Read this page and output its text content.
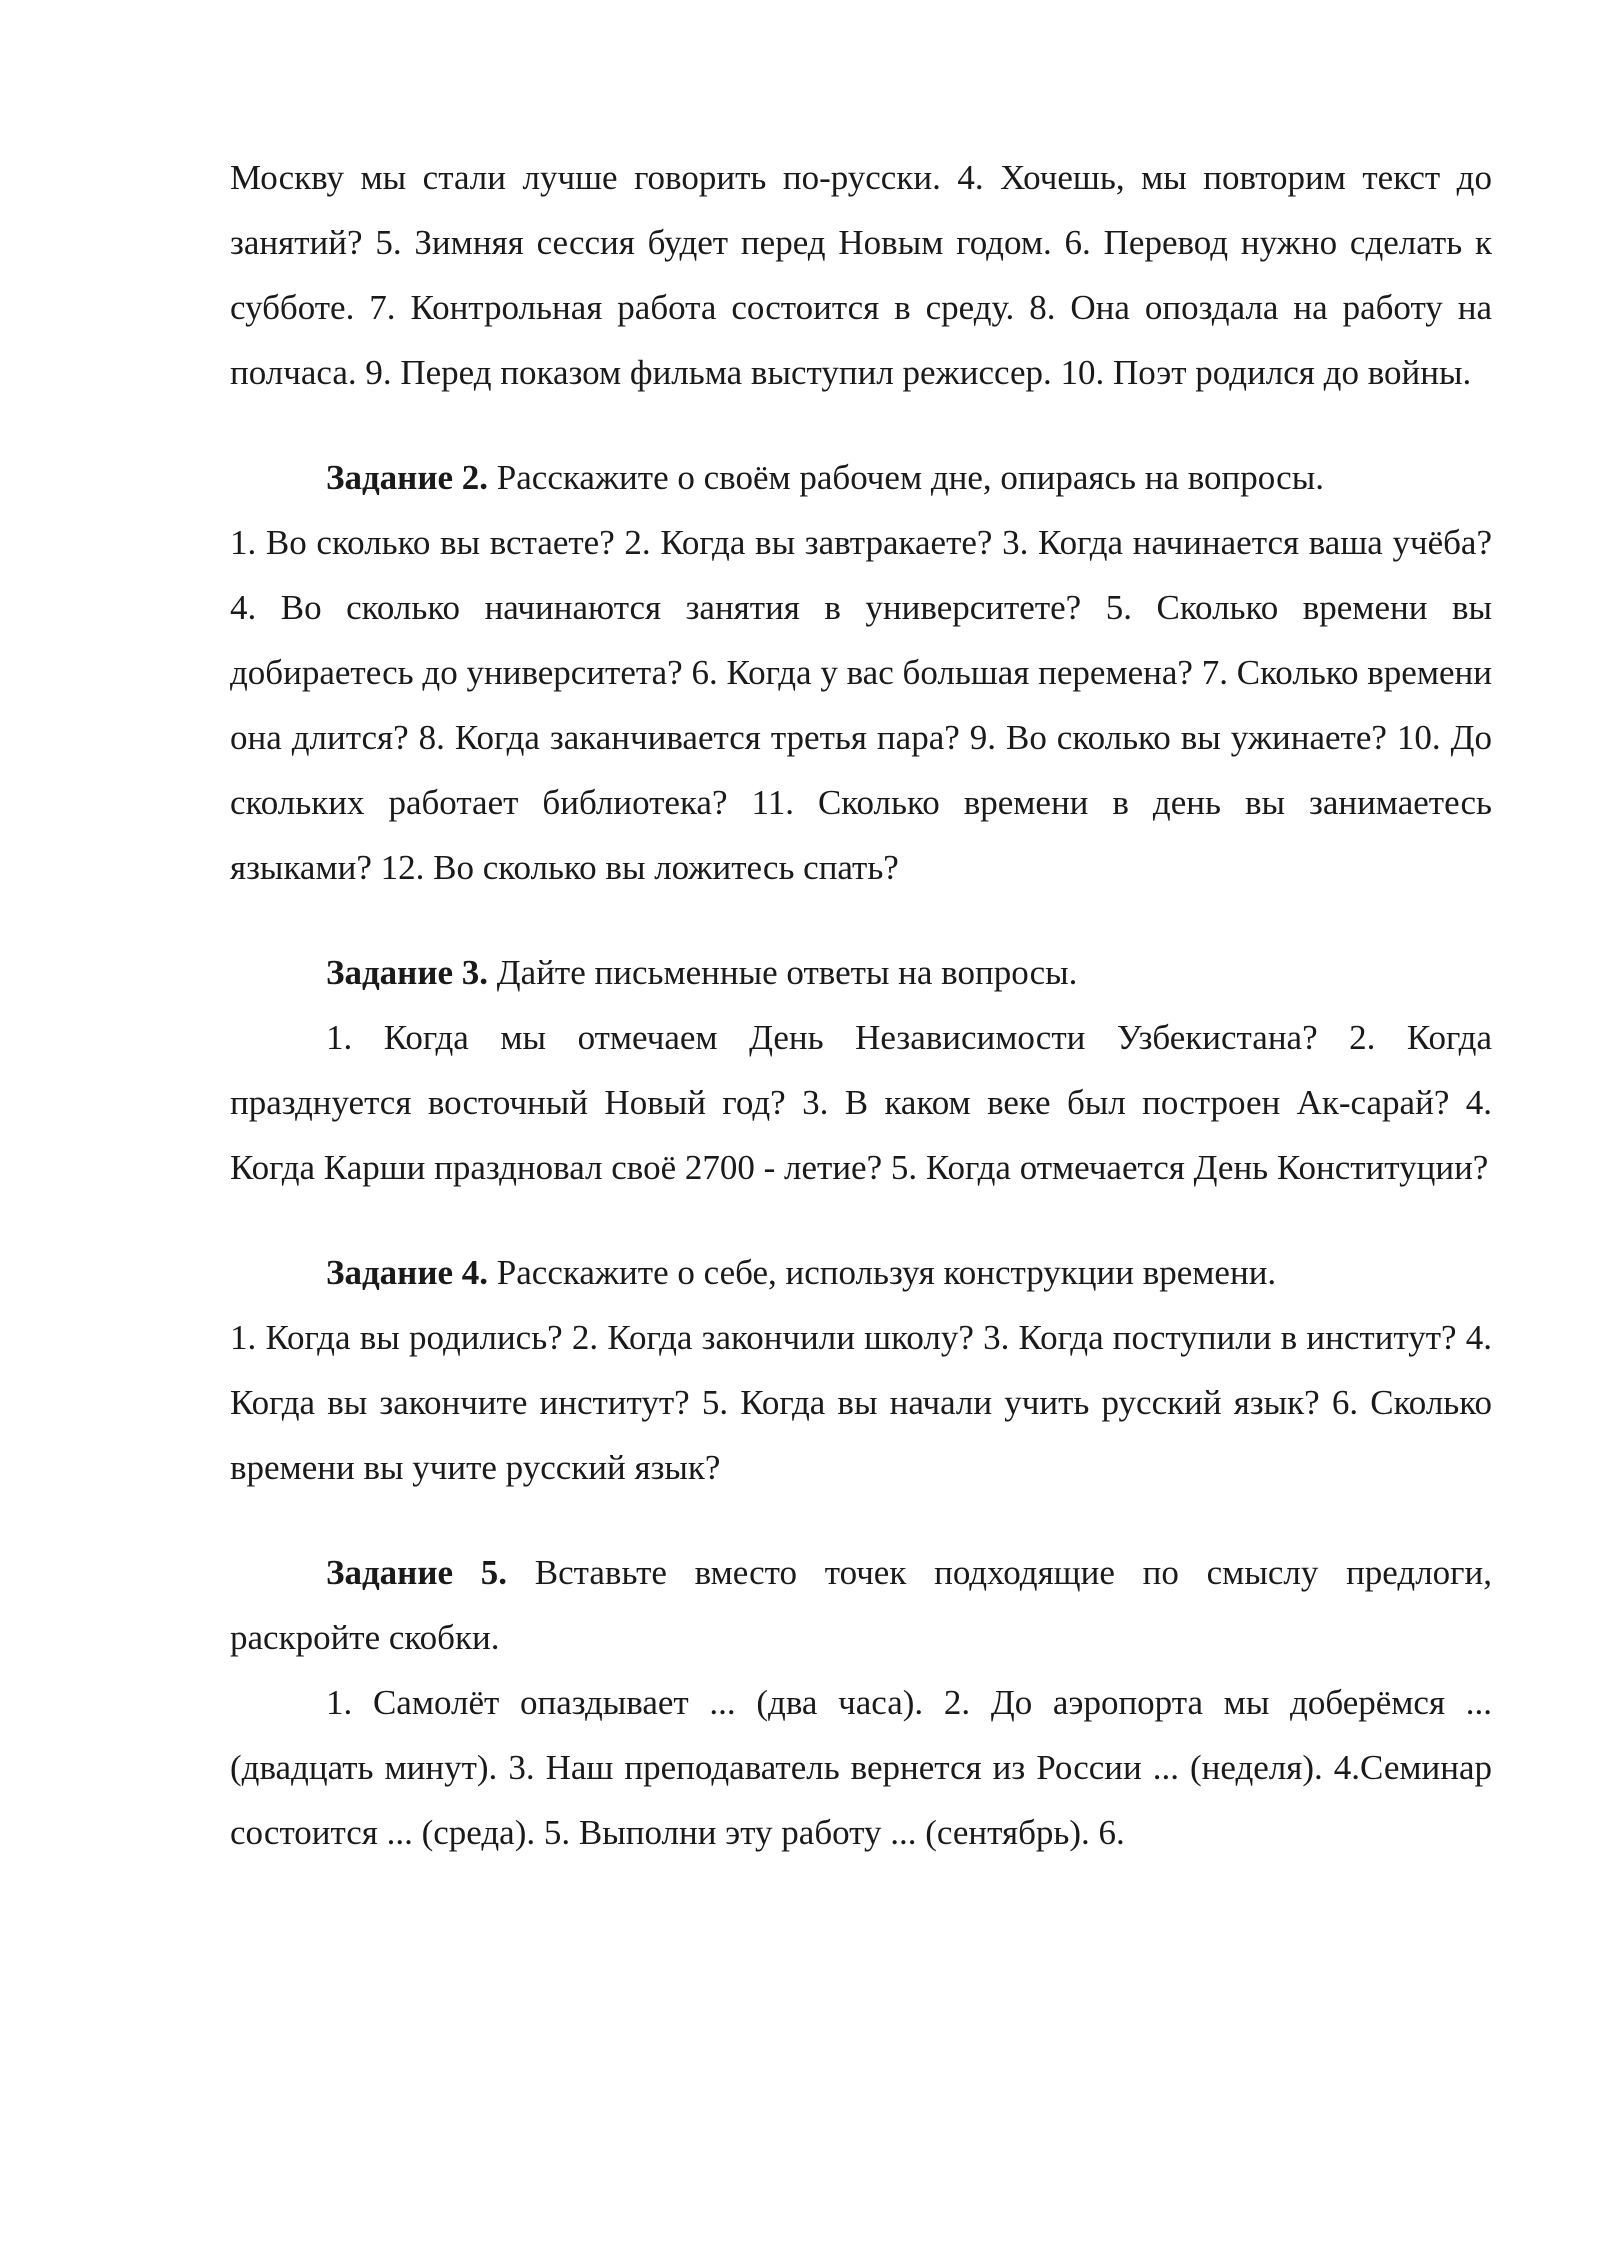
Москву мы стали лучше говорить по-русски. 4. Хочешь, мы повторим текст до занятий? 5. Зимняя сессия будет перед Новым годом. 6. Перевод нужно сделать к субботе. 7. Контрольная работа состоится в среду. 8. Она опоздала на работу на полчаса. 9. Перед показом фильма выступил режиссер. 10. Поэт родился до войны.

Задание 2. Расскажите о своём рабочем дне, опираясь на вопросы.

1. Во сколько вы встаете? 2. Когда вы завтракаете? 3. Когда начинается ваша учёба? 4. Во сколько начинаются занятия в университете? 5. Сколько времени вы добираетесь до университета? 6. Когда у вас большая перемена? 7. Сколько времени она длится? 8. Когда заканчивается третья пара? 9. Во сколько вы ужинаете? 10. До скольких работает библиотека? 11. Сколько времени в день вы занимаетесь языками? 12. Во сколько вы ложитесь спать?

Задание 3. Дайте письменные ответы на вопросы.

1. Когда мы отмечаем День Независимости Узбекистана? 2. Когда празднуется восточный Новый год? 3. В каком веке был построен Ак-сарай? 4. Когда Карши праздновал своё 2700 - летие? 5. Когда отмечается День Конституции?

Задание 4. Расскажите о себе, используя конструкции времени.

1. Когда вы родились? 2. Когда закончили школу? 3. Когда поступили в институт? 4. Когда вы закончите институт? 5. Когда вы начали учить русский язык? 6. Сколько времени вы учите русский язык?

Задание 5. Вставьте вместо точек подходящие по смыслу предлоги, раскройте скобки.

1. Самолёт опаздывает ... (два часа). 2. До аэропорта мы доберёмся ... (двадцать минут). 3. Наш преподаватель вернется из России ... (неделя). 4.Семинар состоится ... (среда). 5. Выполни эту работу ... (сентябрь). 6.
